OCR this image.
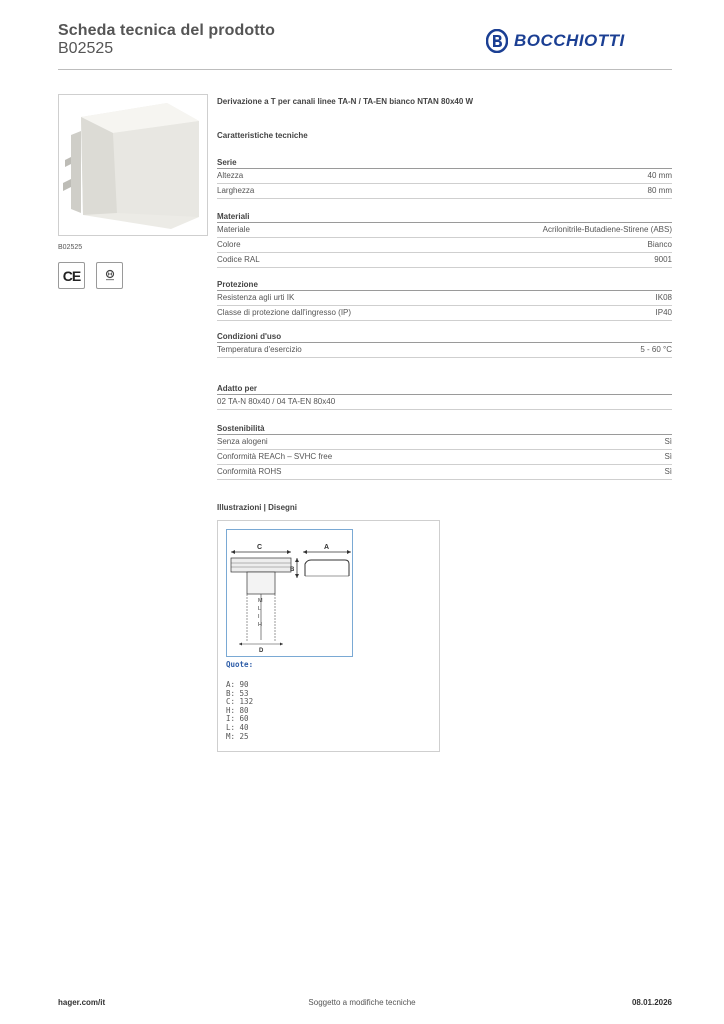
Scheda tecnica del prodotto
B02525	BOCCHIOTTI
B02525
CE
Derivazione a T per canali linee TA-N / TA-EN bianco NTAN 80x40 W
Caratteristiche tecniche
Serie
Altezza	40 mm
Larghezza	80 mm
Materiali
Materiale	Acrilonitrile-Butadiene-Stirene (ABS)
Colore	Bianco
Codice RAL	9001
Protezione
Resistenza agli urti IK	IK08
Classe di protezione dall'ingresso (IP)	IP40
Condizioni d'uso
Temperatura d'esercizio	5 - 60 °C
Adatto per
02 TA-N 80x40 / 04 TA-EN 80x40
Sostenibilità
Senza alogeni	Sì
Conformità REACh – SVHC free	Sì
Conformità ROHS	Sì
Illustrazioni | Disegni
C	A
B
M
L
I
H
D
Quote:
A: 90
B: 53
C: 132
H: 80
I: 60
L: 40
M: 25
hager.com/it	Soggetto a modifiche tecniche	08.01.2026
